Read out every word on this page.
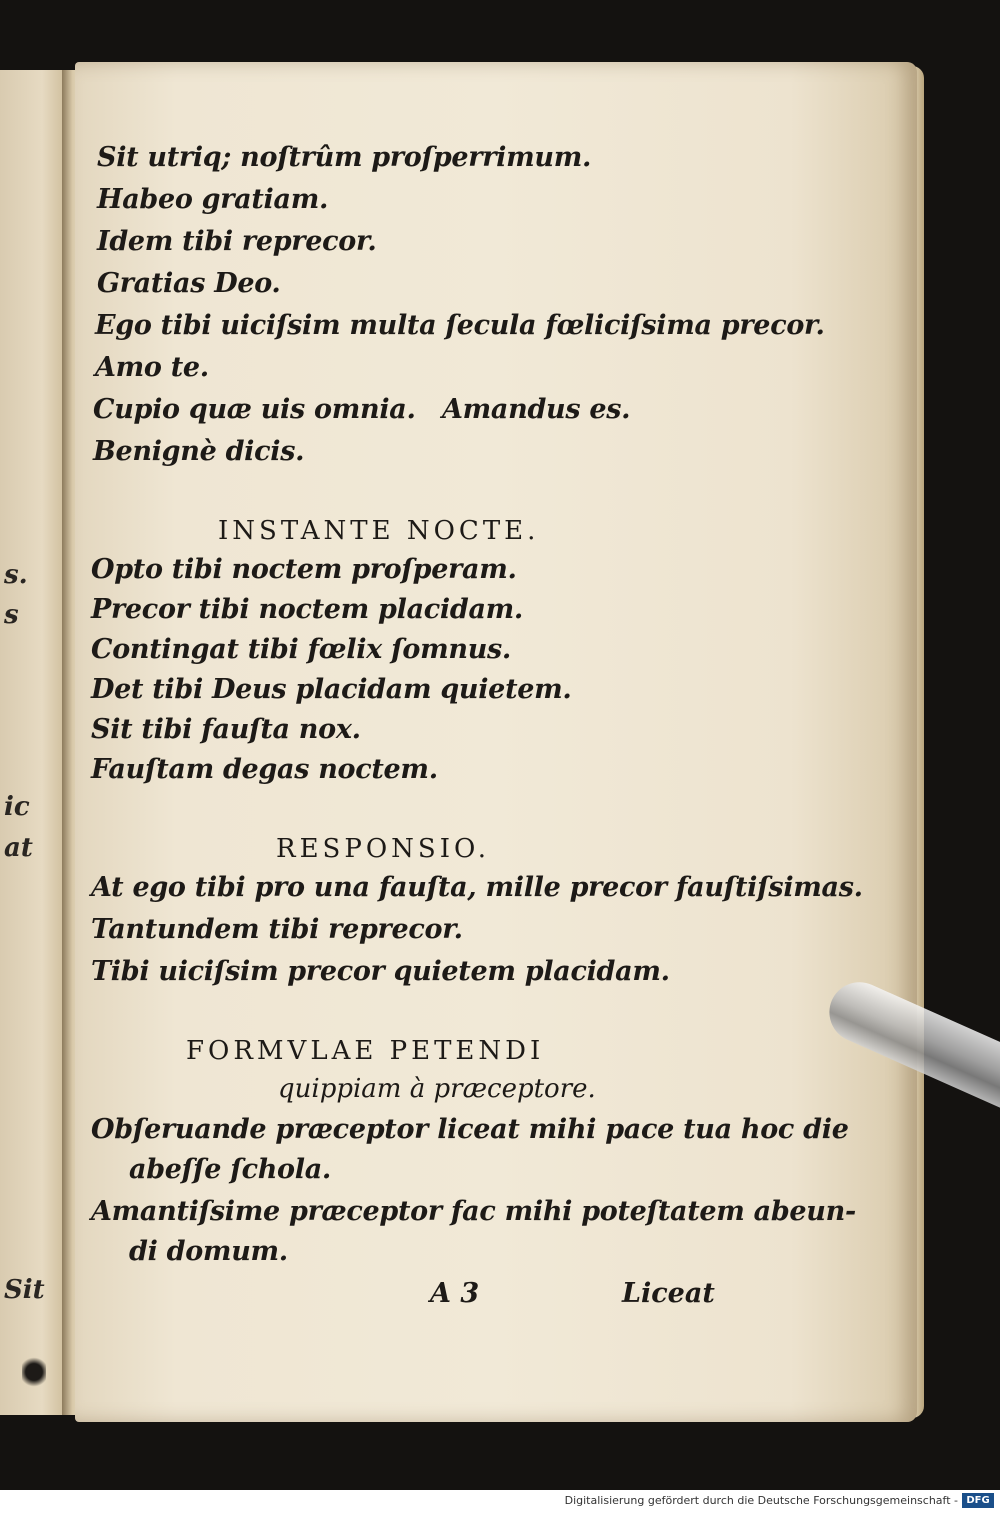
s.
s
ic
at
Sit
Sit utriq; noſtrûm proſperrimum.
Habeo gratiam.
Idem tibi reprecor.
Gratias Deo.
Ego tibi uiciſsim multa ſecula fœliciſsima precor.
Amo te.
Cupio quæ uis omnia. Amandus es.
Benignè dicis.
INSTANTE NOCTE.
Opto tibi noctem proſperam.
Precor tibi noctem placidam.
Contingat tibi fœlix ſomnus.
Det tibi Deus placidam quietem.
Sit tibi fauſta nox.
Fauſtam degas noctem.
RESPONSIO.
At ego tibi pro una fauſta, mille precor fauſtiſsimas.
Tantundem tibi reprecor.
Tibi uiciſsim precor quietem placidam.
FORMVLAE PETENDI
quippiam à præceptore.
Obſeruande præceptor liceat mihi pace tua hoc die
abeſſe ſchola.
Amantiſsime præceptor fac mihi poteſtatem abeun-
di domum.
A 3	Liceat
Digitalisierung gefördert durch die Deutsche Forschungsgemeinschaft - DFG
